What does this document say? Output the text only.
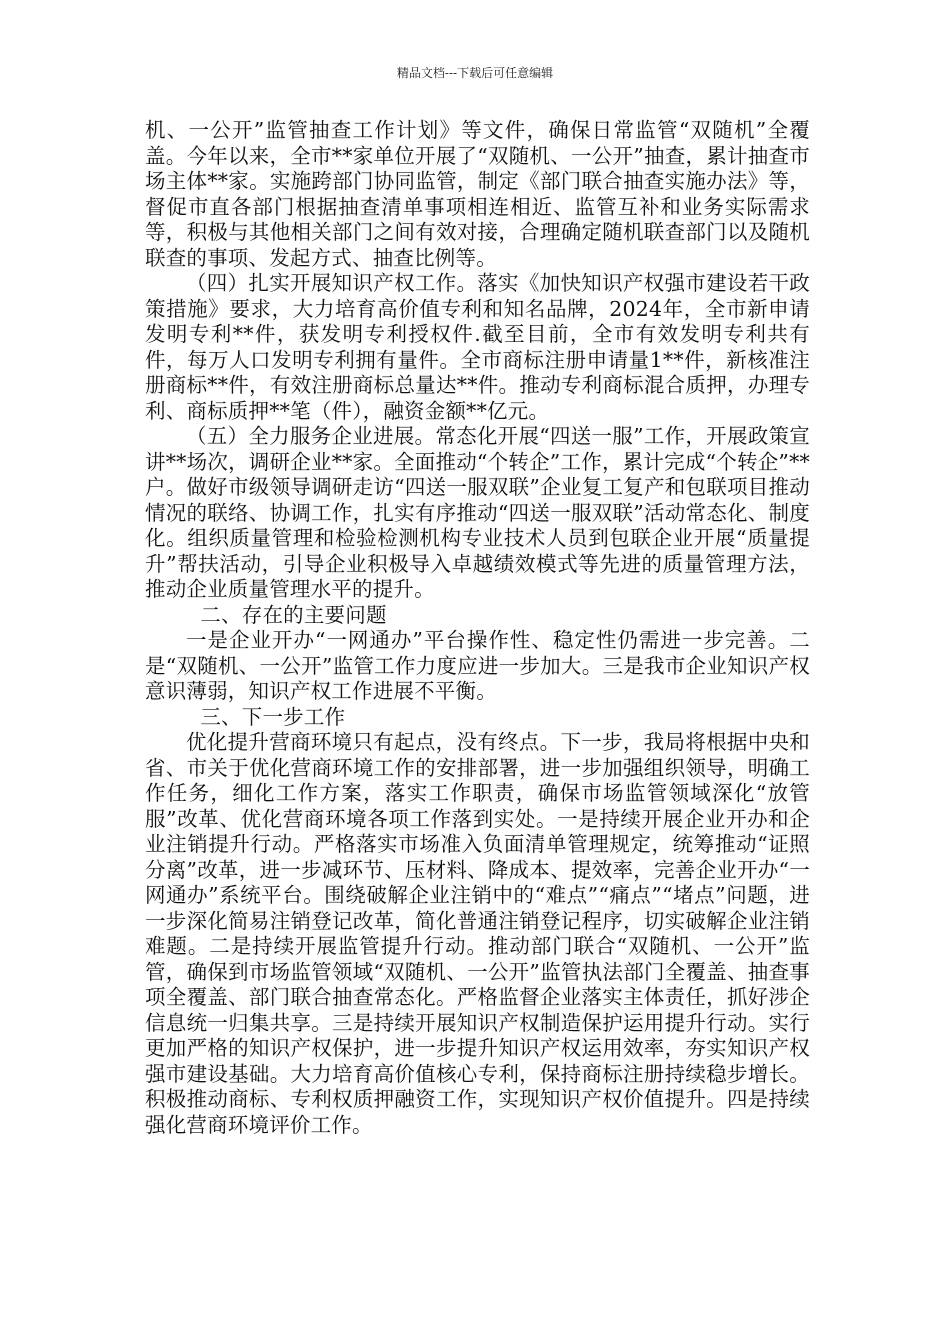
精品文档---下载后可任意编辑

机、一公开”监管抽查工作计划》等文件，确保日常监管“双随机”全覆盖。今年以来，全市**家单位开展了“双随机、一公开”抽查，累计抽查市场主体**家。实施跨部门协同监管，制定《部门联合抽查实施办法》等，督促市直各部门根据抽查清单事项相连相近、监管互补和业务实际需求等，积极与其他相关部门之间有效对接，合理确定随机联查部门以及随机联查的事项、发起方式、抽查比例等。

（四）扎实开展知识产权工作。落实《加快知识产权强市建设若干政策措施》要求，大力培育高价值专利和知名品牌，2024年，全市新申请发明专利**件，获发明专利授权件.截至目前，全市有效发明专利共有件，每万人口发明专利拥有量件。全市商标注册申请量1**件，新核准注册商标**件，有效注册商标总量达**件。推动专利商标混合质押，办理专利、商标质押**笔（件），融资金额**亿元。

（五）全力服务企业进展。常态化开展“四送一服”工作，开展政策宣讲**场次，调研企业**家。全面推动“个转企”工作，累计完成“个转企”**户。做好市级领导调研走访“四送一服双联”企业复工复产和包联项目推动情况的联络、协调工作，扎实有序推动“四送一服双联”活动常态化、制度化。组织质量管理和检验检测机构专业技术人员到包联企业开展“质量提升”帮扶活动，引导企业积极导入卓越绩效模式等先进的质量管理方法，推动企业质量管理水平的提升。

二、存在的主要问题

一是企业开办“一网通办”平台操作性、稳定性仍需进一步完善。二是“双随机、一公开”监管工作力度应进一步加大。三是我市企业知识产权意识薄弱，知识产权工作进展不平衡。

三、下一步工作

优化提升营商环境只有起点，没有终点。下一步，我局将根据中央和省、市关于优化营商环境工作的安排部署，进一步加强组织领导，明确工作任务，细化工作方案，落实工作职责，确保市场监管领域深化“放管服”改革、优化营商环境各项工作落到实处。一是持续开展企业开办和企业注销提升行动。严格落实市场准入负面清单管理规定，统筹推动“证照分离”改革，进一步减环节、压材料、降成本、提效率，完善企业开办“一网通办”系统平台。围绕破解企业注销中的“难点”“痛点”“堵点”问题，进一步深化简易注销登记改革，简化普通注销登记程序，切实破解企业注销难题。二是持续开展监管提升行动。推动部门联合“双随机、一公开”监管，确保到市场监管领域“双随机、一公开”监管执法部门全覆盖、抽查事项全覆盖、部门联合抽查常态化。严格监督企业落实主体责任，抓好涉企信息统一归集共享。三是持续开展知识产权制造保护运用提升行动。实行更加严格的知识产权保护，进一步提升知识产权运用效率，夯实知识产权强市建设基础。大力培育高价值核心专利，保持商标注册持续稳步增长。积极推动商标、专利权质押融资工作，实现知识产权价值提升。四是持续强化营商环境评价工作。
